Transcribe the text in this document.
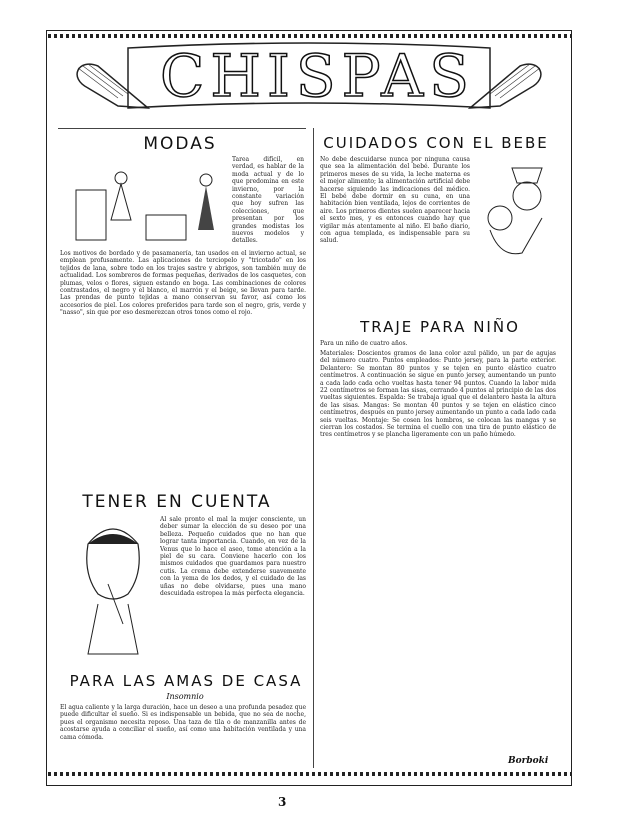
CHISPAS
MODAS
Tarea difícil, en verdad, es hablar de la moda actual y de lo que predomina en este invierno, por la constante variación que hoy sufren las colecciones, que presentan por los grandes modistas los nuevos modelos y detalles.
Los motivos de bordado y de pasamanería, tan usados en el invierno actual, se emplean profusamente. Las aplicaciones de terciopelo y "tricotado" en los tejidos de lana, sobre todo en los trajes sastre y abrigos, son también muy de actualidad. Los sombreros de formas pequeñas, derivados de los casquetes, con plumas, velos o flores, siguen estando en boga. Las combinaciones de colores contrastados, el negro y el blanco, el marrón y el beige, se llevan para tarde. Las prendas de punto tejidas a mano conservan su favor, así como los accesorios de piel. Los colores preferidos para tarde son el negro, gris, verde y "nasso", sin que por eso desmerezcan otros tonos como el rojo.
TENER EN CUENTA
Al sale pronto el mal la mujer consciente, un deber sumar la elección de su deseo por una belleza. Pequeño cuidados que no han que lograr tanta importancia. Cuando, en vez de la Venus que lo hace el aseo, tome atención a la piel de su cara. Conviene hacerlo con los mismos cuidados que guardamos para nuestro cutis. La crema debe extenderse suavemente con la yema de los dedos, y el cuidado de las uñas no debe olvidarse, pues una mano descuidada estropea la más perfecta elegancia.
PARA LAS AMAS DE CASA
Insomnio
El agua caliente y la larga duración, hace un deseo a una profunda pesadez que puede dificultar el sueño. Si es indispensable un bebida, que no sea de noche, pues el organismo necesita reposo. Una taza de tila o de manzanilla antes de acostarse ayuda a conciliar el sueño, así como una habitación ventilada y una cama cómoda.
CUIDADOS CON EL BEBE
No debe descuidarse nunca por ninguna causa que sea la alimentación del bebé. Durante los primeros meses de su vida, la leche materna es el mejor alimento; la alimentación artificial debe hacerse siguiendo las indicaciones del médico. El bebé debe dormir en su cuna, en una habitación bien ventilada, lejos de corrientes de aire. Los primeros dientes suelen aparecer hacia el sexto mes, y es entonces cuando hay que vigilar más atentamente al niño. El baño diario, con agua templada, es indispensable para su salud.
TRAJE PARA NIÑO
Para un niño de cuatro años.
Materiales: Doscientos gramos de lana color azul pálido, un par de agujas del número cuatro. Puntos empleados: Punto jersey, para la parte exterior. Delantero: Se montan 80 puntos y se tejen en punto elástico cuatro centímetros. A continuación se sigue en punto jersey, aumentando un punto a cada lado cada ocho vueltas hasta tener 94 puntos. Cuando la labor mida 22 centímetros se forman las sisas, cerrando 4 puntos al principio de las dos vueltas siguientes. Espalda: Se trabaja igual que el delantero hasta la altura de las sisas. Mangas: Se montan 40 puntos y se tejen en elástico cinco centímetros, después en punto jersey aumentando un punto a cada lado cada seis vueltas. Montaje: Se cosen los hombros, se colocan las mangas y se cierran los costados. Se termina el cuello con una tira de punto elástico de tres centímetros y se plancha ligeramente con un paño húmedo.
Borboki
3
